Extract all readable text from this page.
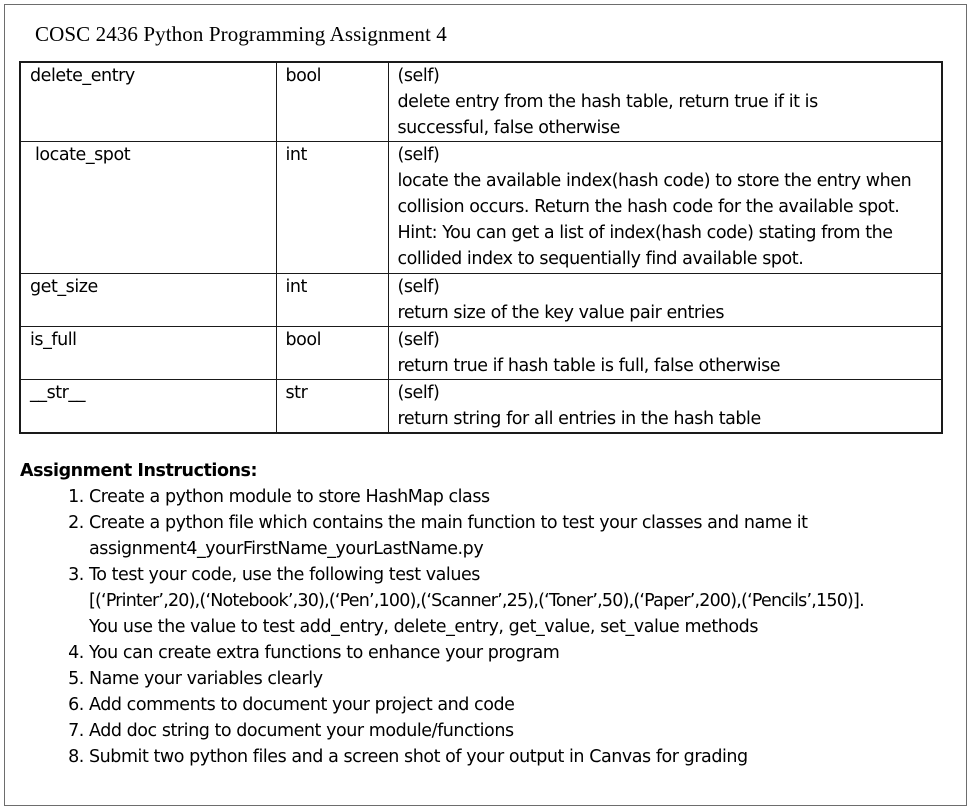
COSC 2436 Python Programming Assignment 4
delete_entry	bool	(self)
delete entry from the hash table, return true if it is
successful, false otherwise

locate_spot	int	(self)
locate the available index(hash code) to store the entry when
collision occurs. Return the hash code for the available spot.
Hint: You can get a list of index(hash code) stating from the
collided index to sequentially find available spot.

get_size	int	(self)
return size of the key value pair entries

is_full	bool	(self)
return true if hash table is full, false otherwise

__str__	str	(self)
return string for all entries in the hash table

Assignment Instructions:

1. Create a python module to store HashMap class
2. Create a python file which contains the main function to test your classes and name it
assignment4_yourFirstName_yourLastName.py
3. To test your code, use the following test values
[(‘Printer’,20),(‘Notebook’,30),(‘Pen’,100),(‘Scanner’,25),(‘Toner’,50),(‘Paper’,200),(‘Pencils’,150)].
You use the value to test add_entry, delete_entry, get_value, set_value methods
4. You can create extra functions to enhance your program
5. Name your variables clearly
6. Add comments to document your project and code
7. Add doc string to document your module/functions
8. Submit two python files and a screen shot of your output in Canvas for grading
